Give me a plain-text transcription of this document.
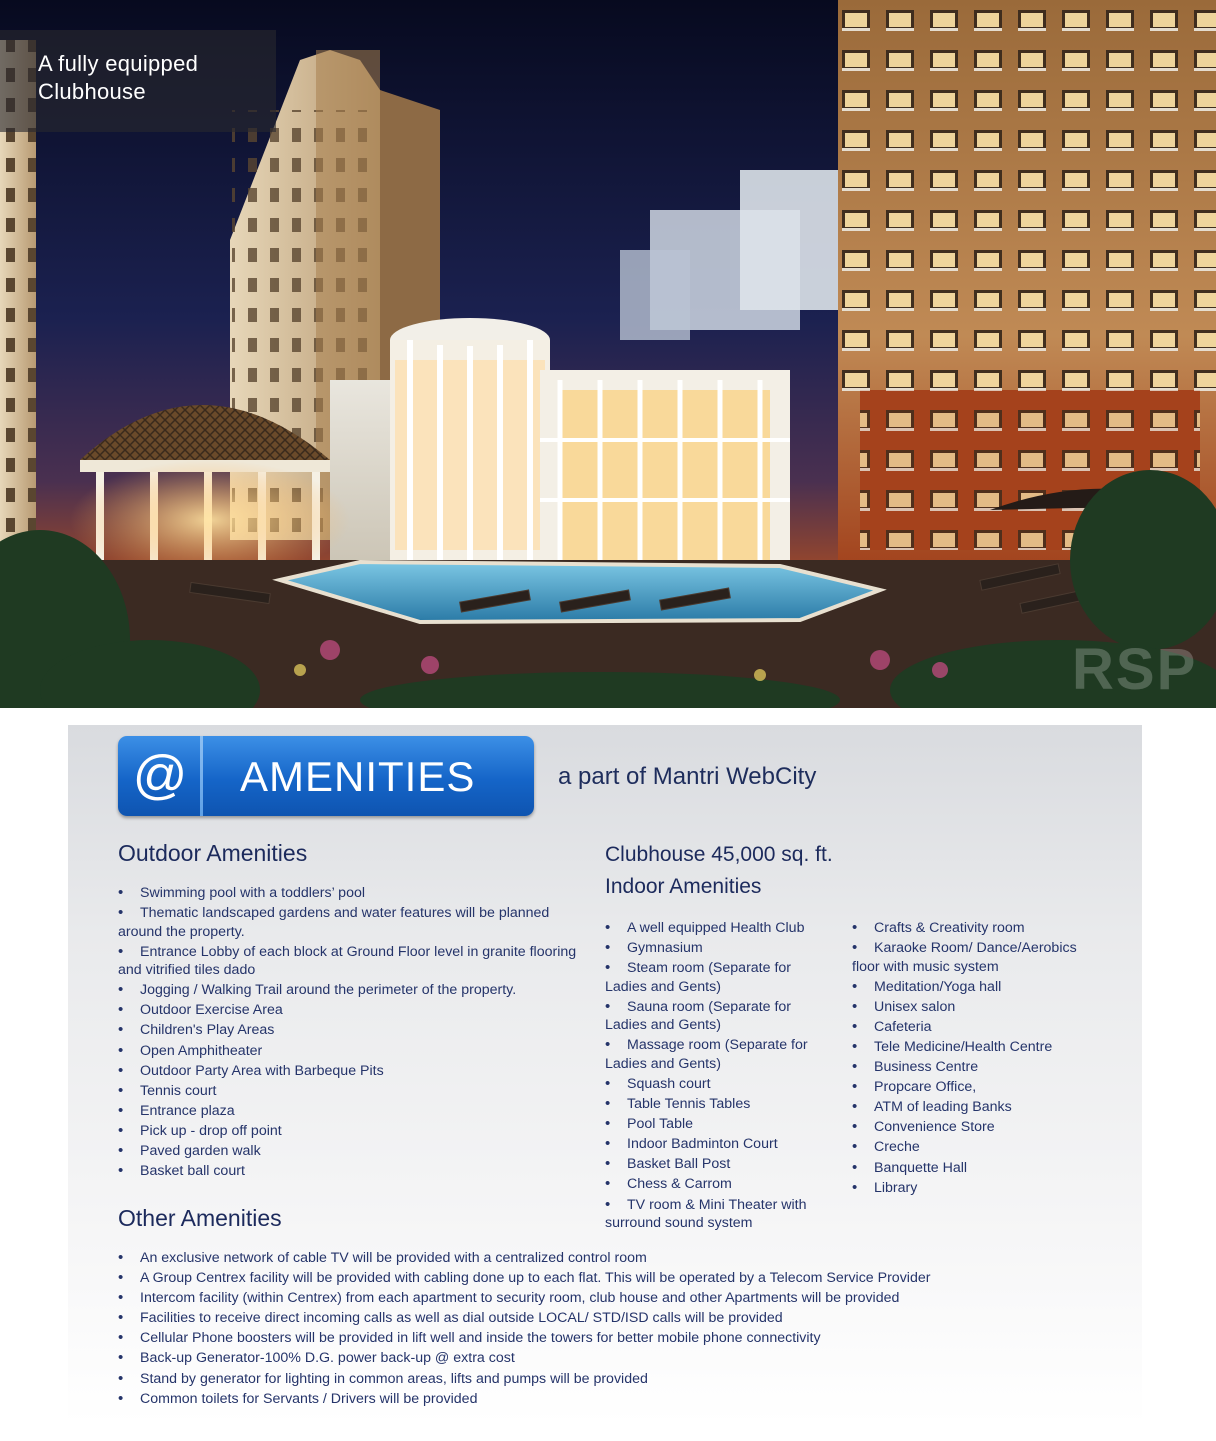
A fully equipped Clubhouse
RSP
@ AMENITIES	a part of Mantri WebCity
Outdoor Amenities
• Swimming pool with a toddlers’ pool
• Thematic landscaped gardens and water features will be planned around the property.
• Entrance Lobby of each block at Ground Floor level in granite flooring and vitrified tiles dado
• Jogging / Walking Trail around the perimeter of the property.
• Outdoor Exercise Area
• Children's Play Areas
• Open Amphitheater
• Outdoor Party Area with Barbeque Pits
• Tennis court
• Entrance plaza
• Pick up - drop off point
• Paved garden walk
• Basket ball court
Clubhouse 45,000 sq. ft.
Indoor Amenities
• A well equipped Health Club
• Gymnasium
• Steam room (Separate for Ladies and Gents)
• Sauna room (Separate for Ladies and Gents)
• Massage room (Separate for Ladies and Gents)
• Squash court
• Table Tennis Tables
• Pool Table
• Indoor Badminton Court
• Basket Ball Post
• Chess & Carrom
• TV room & Mini Theater with surround sound system
• Crafts & Creativity room
• Karaoke Room/ Dance/Aerobics floor with music system
• Meditation/Yoga hall
• Unisex salon
• Cafeteria
• Tele Medicine/Health Centre
• Business Centre
• Propcare Office,
• ATM of leading Banks
• Convenience Store
• Creche
• Banquette Hall
• Library
Other Amenities
• An exclusive network of cable TV will be provided with a centralized control room
• A Group Centrex facility will be provided with cabling done up to each flat. This will be operated by a Telecom Service Provider
• Intercom facility (within Centrex) from each apartment to security room, club house and other Apartments will be provided
• Facilities to receive direct incoming calls as well as dial outside LOCAL/ STD/ISD calls will be provided
• Cellular Phone boosters will be provided in lift well and inside the towers for better mobile phone connectivity
• Back-up Generator-100% D.G. power back-up @ extra cost
• Stand by generator for lighting in common areas, lifts and pumps will be provided
• Common toilets for Servants / Drivers will be provided
